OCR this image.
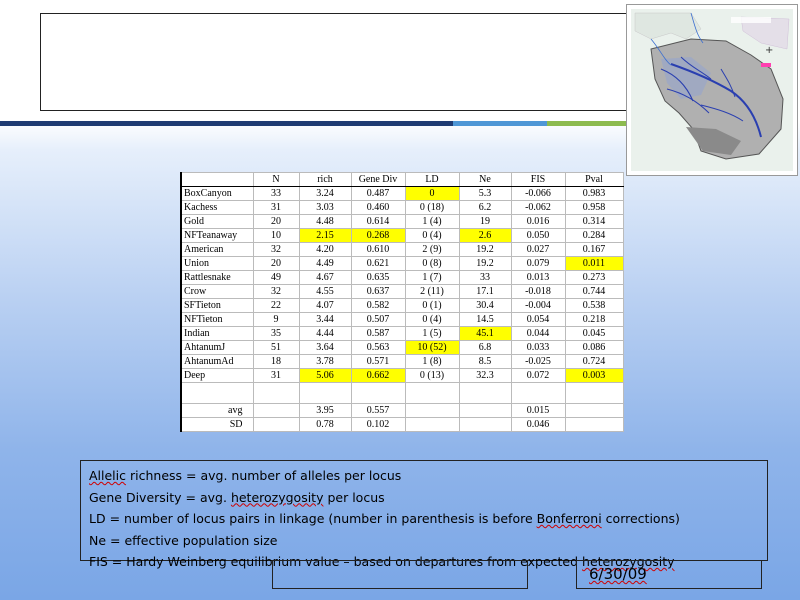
Bull trout genetic statistics	+
	N	rich	Gene Div	LD	Ne	FIS	Pval
BoxCanyon	33	3.24	0.487	0	5.3	-0.066	0.983
Kachess	31	3.03	0.460	0 (18)	6.2	-0.062	0.958
Gold	20	4.48	0.614	1 (4)	19	0.016	0.314
NFTeanaway	10	2.15	0.268	0 (4)	2.6	0.050	0.284
American	32	4.20	0.610	2 (9)	19.2	0.027	0.167
Union	20	4.49	0.621	0 (8)	19.2	0.079	0.011
Rattlesnake	49	4.67	0.635	1 (7)	33	0.013	0.273
Crow	32	4.55	0.637	2 (11)	17.1	-0.018	0.744
SFTieton	22	4.07	0.582	0 (1)	30.4	-0.004	0.538
NFTieton	9	3.44	0.507	0 (4)	14.5	0.054	0.218
Indian	35	4.44	0.587	1 (5)	45.1	0.044	0.045
AhtanumJ	51	3.64	0.563	10 (52)	6.8	0.033	0.086
AhtanumAd	18	3.78	0.571	1 (8)	8.5	-0.025	0.724
Deep	31	5.06	0.662	0 (13)	32.3	0.072	0.003

avg		3.95	0.557			0.015	
SD		0.78	0.102			0.046	
Allelic richness = avg. number of alleles per locus
Gene Diversity = avg. heterozygosity per locus
LD = number of locus pairs in linkage (number in parenthesis is before Bonferroni corrections)
Ne = effective population size
FIS = Hardy Weinberg equilibrium value – based on departures from expected heterozygosity
6/30/09
